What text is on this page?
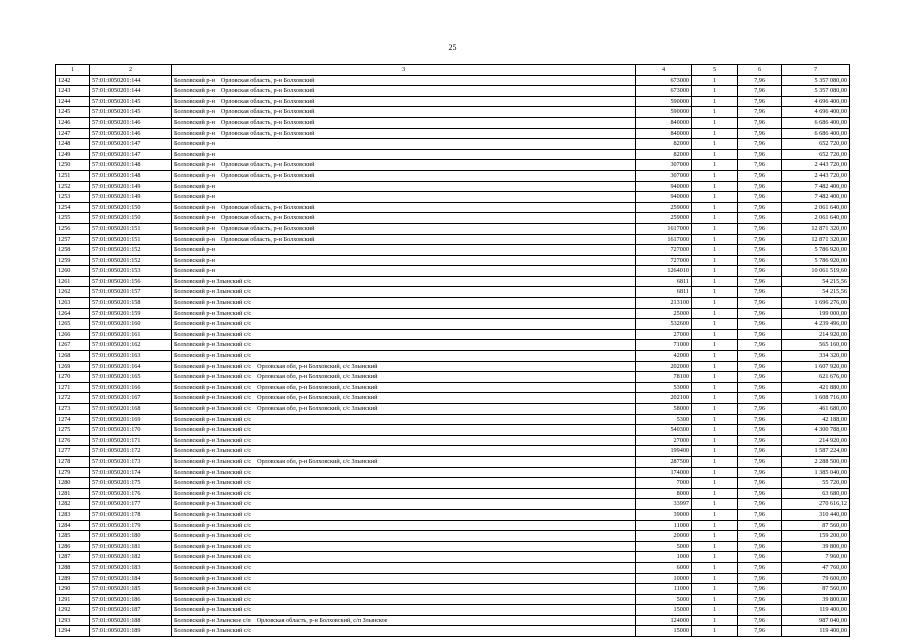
25
1	2	3	4	5	6	7
1242	57:01:0050201:144	Болховский р-н Орловская область, р-н Болховский	673000	1	7,96	5 357 080,00
1243	57:01:0050201:144	Болховский р-н Орловская область, р-н Болховский	673000	1	7,96	5 357 080,00
1244	57:01:0050201:145	Болховский р-н Орловская область, р-н Болховский	590000	1	7,96	4 696 400,00
1245	57:01:0050201:145	Болховский р-н Орловская область, р-н Болховский	590000	1	7,96	4 696 400,00
1246	57:01:0050201:146	Болховский р-н Орловская область, р-н Болховский	840000	1	7,96	6 686 400,00
1247	57:01:0050201:146	Болховский р-н Орловская область, р-н Болховский	840000	1	7,96	6 686 400,00
1248	57:01:0050201:147	Болховский р-н	82000	1	7,96	652 720,00
1249	57:01:0050201:147	Болховский р-н	82000	1	7,96	652 720,00
1250	57:01:0050201:148	Болховский р-н Орловская область, р-н Болховский	307000	1	7,96	2 443 720,00
1251	57:01:0050201:148	Болховский р-н Орловская область, р-н Болховский	307000	1	7,96	2 443 720,00
1252	57:01:0050201:149	Болховский р-н	940000	1	7,96	7 482 400,00
1253	57:01:0050201:149	Болховский р-н	940000	1	7,96	7 482 400,00
1254	57:01:0050201:150	Болховский р-н Орловская область, р-н Болховский	259000	1	7,96	2 061 640,00
1255	57:01:0050201:150	Болховский р-н Орловская область, р-н Болховский	259000	1	7,96	2 061 640,00
1256	57:01:0050201:151	Болховский р-н Орловская область, р-н Болховский	1617000	1	7,96	12 871 320,00
1257	57:01:0050201:151	Болховский р-н Орловская область, р-н Болховский	1617000	1	7,96	12 871 320,00
1258	57:01:0050201:152	Болховский р-н	727000	1	7,96	5 786 920,00
1259	57:01:0050201:152	Болховский р-н	727000	1	7,96	5 786 920,00
1260	57:01:0050201:153	Болховский р-н	1264010	1	7,96	10 061 519,60
1261	57:01:0050201:156	Болховский р-н Злынский с/с	6811	1	7,96	54 215,56
1262	57:01:0050201:157	Болховский р-н Злынский с/с	6811	1	7,96	54 215,56
1263	57:01:0050201:158	Болховский р-н Злынский с/с	213100	1	7,96	1 696 276,00
1264	57:01:0050201:159	Болховский р-н Злынский с/с	25000	1	7,96	199 000,00
1265	57:01:0050201:160	Болховский р-н Злынский с/с	532600	1	7,96	4 239 496,00
1266	57:01:0050201:161	Болховский р-н Злынский с/с	27000	1	7,96	214 920,00
1267	57:01:0050201:162	Болховский р-н Злынский с/с	71000	1	7,96	565 160,00
1268	57:01:0050201:163	Болховский р-н Злынский с/с	42000	1	7,96	334 320,00
1269	57:01:0050201:164	Болховский р-н Злынский с/с Орловская обл, р-н Болховский, с/с Злынский	202000	1	7,96	1 607 920,00
1270	57:01:0050201:165	Болховский р-н Злынский с/с Орловская обл, р-н Болховский, с/с Злынский	78100	1	7,96	621 676,00
1271	57:01:0050201:166	Болховский р-н Злынский с/с Орловская обл, р-н Болховский, с/с Злынский	53000	1	7,96	421 880,00
1272	57:01:0050201:167	Болховский р-н Злынский с/с Орловская обл, р-н Болховский, с/с Злынский	202100	1	7,96	1 608 716,00
1273	57:01:0050201:168	Болховский р-н Злынский с/с Орловская обл, р-н Болховский, с/с Злынский	58000	1	7,96	461 680,00
1274	57:01:0050201:169	Болховский р-н Злынский с/с	5300	1	7,96	42 188,00
1275	57:01:0050201:170	Болховский р-н Злынский с/с	540300	1	7,96	4 300 788,00
1276	57:01:0050201:171	Болховский р-н Злынский с/с	27000	1	7,96	214 920,00
1277	57:01:0050201:172	Болховский р-н Злынский с/с	199400	1	7,96	1 587 224,00
1278	57:01:0050201:173	Болховский р-н Злынский с/с Орловская обл, р-н Болховский, с/с Злынский	287500	1	7,96	2 288 500,00
1279	57:01:0050201:174	Болховский р-н Злынский с/с	174000	1	7,96	1 385 040,00
1280	57:01:0050201:175	Болховский р-н Злынский с/с	7000	1	7,96	55 720,00
1281	57:01:0050201:176	Болховский р-н Злынский с/с	8000	1	7,96	63 680,00
1282	57:01:0050201:177	Болховский р-н Злынский с/с	33997	1	7,96	270 616,12
1283	57:01:0050201:178	Болховский р-н Злынский с/с	39000	1	7,96	310 440,00
1284	57:01:0050201:179	Болховский р-н Злынский с/с	11000	1	7,96	87 560,00
1285	57:01:0050201:180	Болховский р-н Злынский с/с	20000	1	7,96	159 200,00
1286	57:01:0050201:181	Болховский р-н Злынский с/с	5000	1	7,96	39 800,00
1287	57:01:0050201:182	Болховский р-н Злынский с/с	1000	1	7,96	7 960,00
1288	57:01:0050201:183	Болховский р-н Злынский с/с	6000	1	7,96	47 760,00
1289	57:01:0050201:184	Болховский р-н Злынский с/с	10000	1	7,96	79 600,00
1290	57:01:0050201:185	Болховский р-н Злынский с/с	11000	1	7,96	87 560,00
1291	57:01:0050201:186	Болховский р-н Злынский с/с	5000	1	7,96	39 800,00
1292	57:01:0050201:187	Болховский р-н Злынский с/с	15000	1	7,96	119 400,00
1293	57:01:0050201:188	Болховский р-н Злынское с/п Орловская область, р-н Болховский, с/п Злынское	124000	1	7,96	987 040,00
1294	57:01:0050201:189	Болховский р-н Злынский с/с	15000	1	7,96	119 400,00
